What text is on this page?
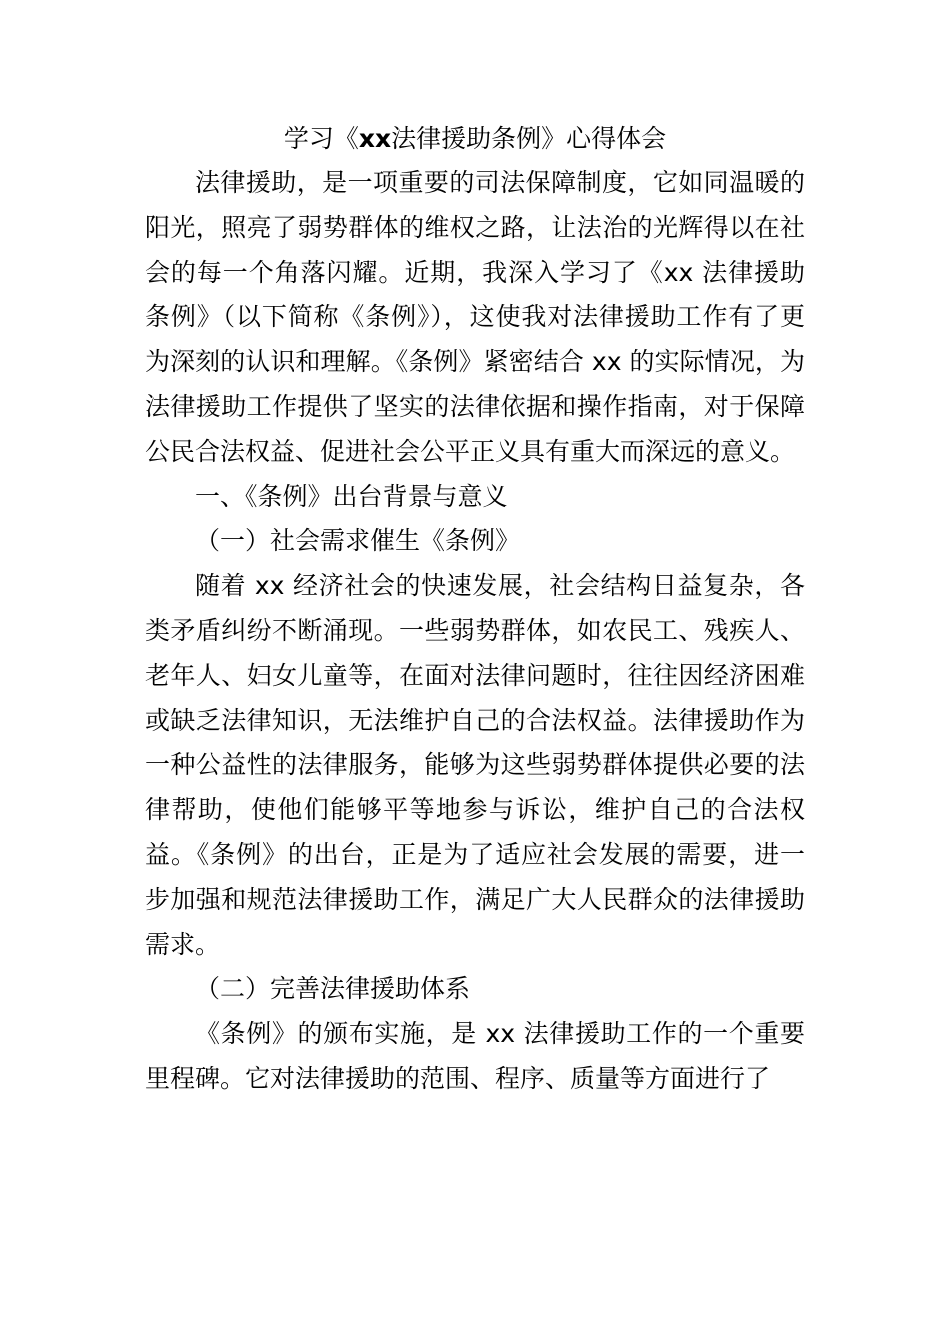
学习《xx法律援助条例》心得体会

法律援助，是一项重要的司法保障制度，它如同温暖的阳光，照亮了弱势群体的维权之路，让法治的光辉得以在社会的每一个角落闪耀。近期，我深入学习了《xx 法律援助条例》（以下简称《条例》），这使我对法律援助工作有了更为深刻的认识和理解。《条例》紧密结合 xx 的实际情况，为法律援助工作提供了坚实的法律依据和操作指南，对于保障公民合法权益、促进社会公平正义具有重大而深远的意义。

一、《条例》出台背景与意义

（一）社会需求催生《条例》

随着 xx 经济社会的快速发展，社会结构日益复杂，各类矛盾纠纷不断涌现。一些弱势群体，如农民工、残疾人、老年人、妇女儿童等，在面对法律问题时，往往因经济困难或缺乏法律知识，无法维护自己的合法权益。法律援助作为一种公益性的法律服务，能够为这些弱势群体提供必要的法律帮助，使他们能够平等地参与诉讼，维护自己的合法权益。《条例》的出台，正是为了适应社会发展的需要，进一步加强和规范法律援助工作，满足广大人民群众的法律援助需求。

（二）完善法律援助体系

《条例》的颁布实施，是 xx 法律援助工作的一个重要里程碑。它对法律援助的范围、程序、质量等方面进行了
